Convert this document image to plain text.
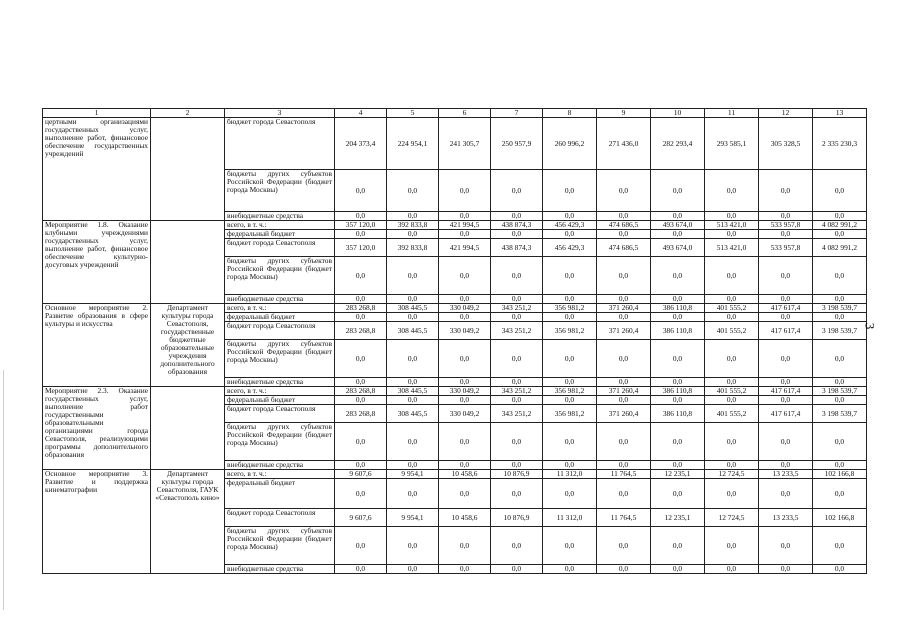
1	2	3	4	5	6	7	8	9	10	11	12	13
цертными организациями государственных услуг, выполнение работ, финансовое обеспечение государственных учреждений		бюджет города Севастополя	204 373,4	224 954,1	241 305,7	250 957,9	260 996,2	271 436,0	282 293,4	293 585,1	305 328,5	2 335 230,3
		бюджеты других субъектов Российской Федерации (бюджет города Москвы)	0,0	0,0	0,0	0,0	0,0	0,0	0,0	0,0	0,0	0,0
		внебюджетные средства	0,0	0,0	0,0	0,0	0,0	0,0	0,0	0,0	0,0	0,0
Мероприятие 1.8. Оказание клубными учреждениями государственных услуг, выполнение работ, финансовое обеспечение культурно-досуговых учреждений		всего, в т. ч.:	357 120,0	392 833,8	421 994,5	438 874,3	456 429,3	474 686,5	493 674,0	513 421,0	533 957,8	4 082 991,2
		федеральный бюджет	0,0	0,0	0,0	0,0	0,0	0,0	0,0	0,0	0,0	0,0
		бюджет города Севастополя	357 120,0	392 833,8	421 994,5	438 874,3	456 429,3	474 686,5	493 674,0	513 421,0	533 957,8	4 082 991,2
		бюджеты других субъектов Российской Федерации (бюджет города Москвы)	0,0	0,0	0,0	0,0	0,0	0,0	0,0	0,0	0,0	0,0
		внебюджетные средства	0,0	0,0	0,0	0,0	0,0	0,0	0,0	0,0	0,0	0,0
Основное мероприятие 2. Развитие образования в сфере культуры и искусства	Департамент культуры города Севастополя, государственные бюджетные образовательные учреждения дополнительного образования	всего, в т. ч.:	283 268,8	308 445,5	330 049,2	343 251,2	356 981,2	371 260,4	386 110,8	401 555,2	417 617,4	3 198 539,7
		федеральный бюджет	0,0	0,0	0,0	0,0	0,0	0,0	0,0	0,0	0,0	0,0
		бюджет города Севастополя	283 268,8	308 445,5	330 049,2	343 251,2	356 981,2	371 260,4	386 110,8	401 555,2	417 617,4	3 198 539,7
		бюджеты других субъектов Российской Федерации (бюджет города Москвы)	0,0	0,0	0,0	0,0	0,0	0,0	0,0	0,0	0,0	0,0
		внебюджетные средства	0,0	0,0	0,0	0,0	0,0	0,0	0,0	0,0	0,0	0,0
Мероприятие 2.3. Оказание государственных услуг, выполнение работ государственными образовательными организациями города Севастополя, реализующими программы дополнительного образования		всего, в т. ч.:	283 268,8	308 445,5	330 049,2	343 251,2	356 981,2	371 260,4	386 110,8	401 555,2	417 617,4	3 198 539,7
		федеральный бюджет	0,0	0,0	0,0	0,0	0,0	0,0	0,0	0,0	0,0	0,0
		бюджет города Севастополя	283 268,8	308 445,5	330 049,2	343 251,2	356 981,2	371 260,4	386 110,8	401 555,2	417 617,4	3 198 539,7
		бюджеты других субъектов Российской Федерации (бюджет города Москвы)	0,0	0,0	0,0	0,0	0,0	0,0	0,0	0,0	0,0	0,0
		внебюджетные средства	0,0	0,0	0,0	0,0	0,0	0,0	0,0	0,0	0,0	0,0
Основное мероприятие 3. Развитие и поддержка кинематографии	Департамент культуры города Севастополя, ГАУК «Севастополь кино»	всего, в т. ч.:	9 607,6	9 954,1	10 458,6	10 876,9	11 312,0	11 764,5	12 235,1	12 724,5	13 233,5	102 166,8
		федеральный бюджет	0,0	0,0	0,0	0,0	0,0	0,0	0,0	0,0	0,0	0,0
		бюджет города Севастополя	9 607,6	9 954,1	10 458,6	10 876,9	11 312,0	11 764,5	12 235,1	12 724,5	13 233,5	102 166,8
		бюджеты других субъектов Российской Федерации (бюджет города Москвы)	0,0	0,0	0,0	0,0	0,0	0,0	0,0	0,0	0,0	0,0
		внебюджетные средства	0,0	0,0	0,0	0,0	0,0	0,0	0,0	0,0	0,0	0,0
3
